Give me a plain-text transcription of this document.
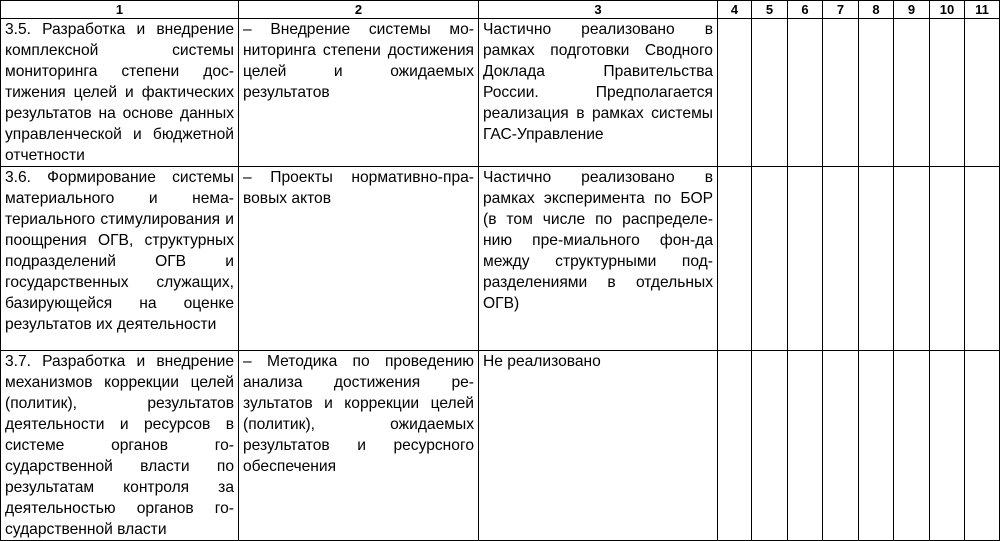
1	2	3	4	5	6	7	8	9	10	11
3.5. Разработка и внедрение комплексной системы мониторинга степени достижения целей и фактических результатов на основе данных управленческой и бюджетной отчетности	– Внедрение системы мониторинга степени достижения целей и ожидаемых результатов	Частично реализовано в рамках подготовки Сводного Доклада Правительства России. Предполагается реализация в рамках системы ГАС-Управление								
3.6. Формирование системы материального и нематериального стимулирования и поощрения ОГВ, структурных подразделений ОГВ и государственных служащих, базирующейся на оценке результатов их деятельности	– Проекты нормативно-правовых актов	Частично реализовано в рамках эксперимента по БОР (в том числе по распределению пре-миального фон-да между структурными подразделениями в отдельных ОГВ)								
3.7. Разработка и внедрение механизмов коррекции целей (политик), результатов деятельности и ресурсов в системе органов государственной власти по результатам контроля за деятельностью органов государственной власти	– Методика по проведению анализа достижения результатов и коррекции целей (политик), ожидаемых результатов и ресурсного обеспечения	Не реализовано								
